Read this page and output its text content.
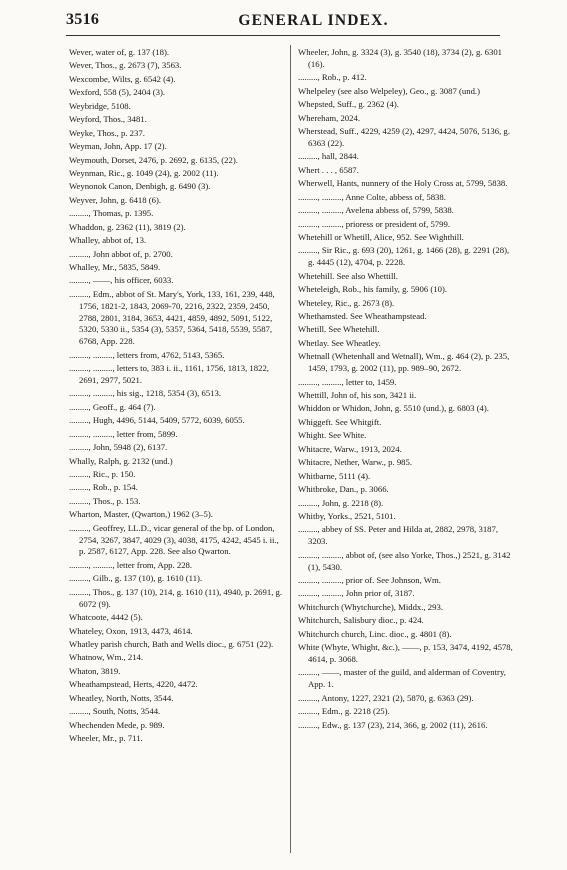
3516	GENERAL INDEX.
Wever, water of, g. 137 (18).
Wever, Thos., g. 2673 (7), 3563.
Wexcombe, Wilts, g. 6542 (4).
Wexford, 558 (5), 2404 (3).
Weybridge, 5108.
Weyford, Thos., 3481.
Weyke, Thos., p. 237.
Weyman, John, App. 17 (2).
Weymouth, Dorset, 2476, p. 2692, g. 6135, (22).
Weynman, Ric., g. 1049 (24), g. 2002 (11).
Weynonok Canon, Denbigh, g. 6490 (3).
Weyver, John, g. 6418 (6).
........., Thomas, p. 1395.
Whaddon, g. 2362 (11), 3819 (2).
Whalley, abbot of, 13.
........., John abbot of, p. 2700.
Whalley, Mr., 5835, 5849.
........., ——, his officer, 6033.
........., Edm., abbot of St. Mary's, York, 133, 161, 239, 448, 1756, 1821-2, 1843, 2069-70, 2216, 2322, 2359, 2450, 2788, 2801, 3184, 3653, 4421, 4859, 4892, 5091, 5122, 5320, 5330 ii., 5354 (3), 5357, 5364, 5418, 5539, 5587, 6768, App. 228.
........., ........., letters from, 4762, 5143, 5365.
........., ........., letters to, 383 i. ii., 1161, 1756, 1813, 1822, 2691, 2977, 5021.
........., ........., his sig., 1218, 5354 (3), 6513.
........., Geoff., g. 464 (7).
........., Hugh, 4496, 5144, 5409, 5772, 6039, 6055.
........., ........., letter from, 5899.
........., John, 5948 (2), 6137.
Whally, Ralph, g. 2132 (und.)
........., Ric., p. 150.
........., Rob., p. 154.
........., Thos., p. 153.
Wharton, Master, (Qwarton,) 1962 (3–5).
........., Geoffrey, LL.D., vicar general of the bp. of London, 2754, 3267, 3847, 4029 (3), 4038, 4175, 4242, 4545 i. ii., p. 2587, 6127, App. 228. See also Qwarton.
........., ........., letter from, App. 228.
........., Gilb., g. 137 (10), g. 1610 (11).
........., Thos., g. 137 (10), 214, g. 1610 (11), 4940, p. 2691, g. 6072 (9).
Whatcoote, 4442 (5).
Whateley, Oxon, 1913, 4473, 4614.
Whatley parish church, Bath and Wells dioc., g. 6751 (22).
Whatnow, Wm., 214.
Whaton, 3819.
Wheathampstead, Herts, 4220, 4472.
Wheatley, North, Notts, 3544.
........., South, Notts, 3544.
Whechenden Mede, p. 989.
Wheeler, Mr., p. 711.
Wheeler, John, g. 3324 (3), g. 3540 (18), 3734 (2), g. 6301 (16).
........., Rob., p. 412.
Whelpeley (see also Welpeley), Geo., g. 3087 (und.)
Whepsted, Suff., g. 2362 (4).
Whereham, 2024.
Wherstead, Suff., 4229, 4259 (2), 4297, 4424, 5076, 5136, g. 6363 (22).
........., hall, 2844.
Whert . . . , 6587.
Wherwell, Hants, nunnery of the Holy Cross at, 5799, 5838.
........., ........., Anne Colte, abbess of, 5838.
........., ........., Avelena abbess of, 5799, 5838.
........., ........., prioress or president of, 5799.
Whetehill or Whetill, Alice, 952. See Wighthill.
........., Sir Ric., g. 693 (20), 1261, g. 1466 (28), g. 2291 (28), g. 4445 (12), 4704, p. 2228.
Whetehill. See also Whettill.
Wheteleigh, Rob., his family, g. 5906 (10).
Wheteley, Ric., g. 2673 (8).
Whethamsted. See Wheathampstead.
Whetill. See Whetehill.
Whetlay. See Wheatley.
Whetnall (Whetenhall and Wetnall), Wm., g. 464 (2), p. 235, 1459, 1793, g. 2002 (11), pp. 989–90, 2672.
........., ........., letter to, 1459.
Whettill, John of, his son, 3421 ii.
Whiddon or Whidon, John, g. 5510 (und.), g. 6803 (4).
Whiggeft. See Whitgift.
Whight. See White.
Whitacre, Warw., 1913, 2024.
Whitacre, Nether, Warw., p. 985.
Whitbarne, 5111 (4).
Whitbroke, Dan., p. 3066.
........., John, g. 2218 (8).
Whitby, Yorks., 2521, 5101.
........., abbey of SS. Peter and Hilda at, 2882, 2978, 3187, 3203.
........., ........., abbot of, (see also Yorke, Thos.,) 2521, g. 3142 (1), 5430.
........., ........., prior of. See Johnson, Wm.
........., ........., John prior of, 3187.
Whitchurch (Whytchurche), Middx., 293.
Whitchurch, Salisbury dioc., p. 424.
Whitchurch church, Linc. dioc., g. 4801 (8).
White (Whyte, Whight, &c.), ——, p. 153, 3474, 4192, 4578, 4614, p. 3068.
........., ——, master of the guild, and alderman of Coventry, App. 1.
........., Antony, 1227, 2321 (2), 5870, g. 6363 (29).
........., Edm., g. 2218 (25).
........., Edw., g. 137 (23), 214, 366, g. 2002 (11), 2616.
